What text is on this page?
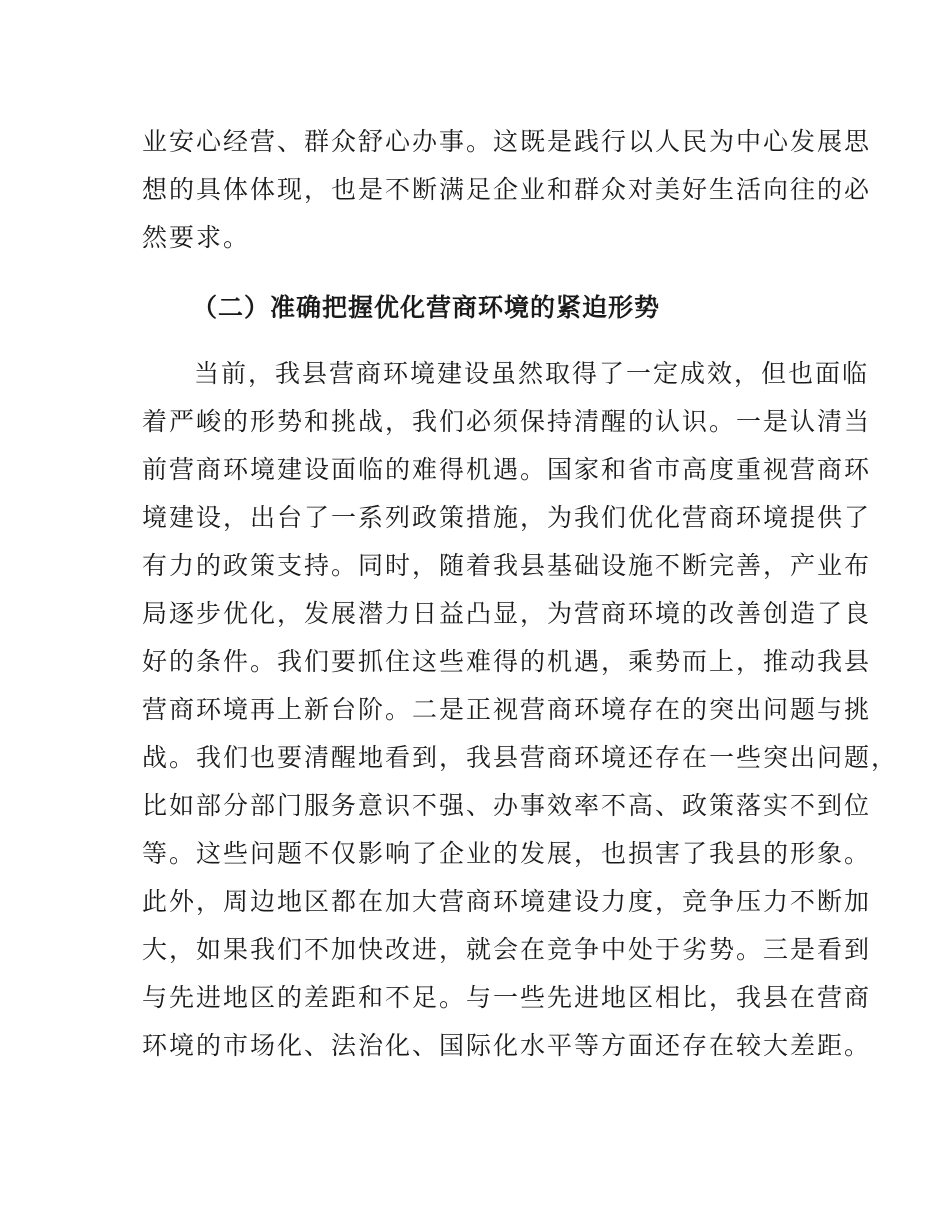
业安心经营、群众舒心办事。这既是践行以人民为中心发展思
想的具体体现，也是不断满足企业和群众对美好生活向往的必
然要求。
（二）准确把握优化营商环境的紧迫形势
当前，我县营商环境建设虽然取得了一定成效，但也面临
着严峻的形势和挑战，我们必须保持清醒的认识。一是认清当
前营商环境建设面临的难得机遇。国家和省市高度重视营商环
境建设，出台了一系列政策措施，为我们优化营商环境提供了
有力的政策支持。同时，随着我县基础设施不断完善，产业布
局逐步优化，发展潜力日益凸显，为营商环境的改善创造了良
好的条件。我们要抓住这些难得的机遇，乘势而上，推动我县
营商环境再上新台阶。二是正视营商环境存在的突出问题与挑
战。我们也要清醒地看到，我县营商环境还存在一些突出问题，
比如部分部门服务意识不强、办事效率不高、政策落实不到位
等。这些问题不仅影响了企业的发展，也损害了我县的形象。
此外，周边地区都在加大营商环境建设力度，竞争压力不断加
大，如果我们不加快改进，就会在竞争中处于劣势。三是看到
与先进地区的差距和不足。与一些先进地区相比，我县在营商
环境的市场化、法治化、国际化水平等方面还存在较大差距。
